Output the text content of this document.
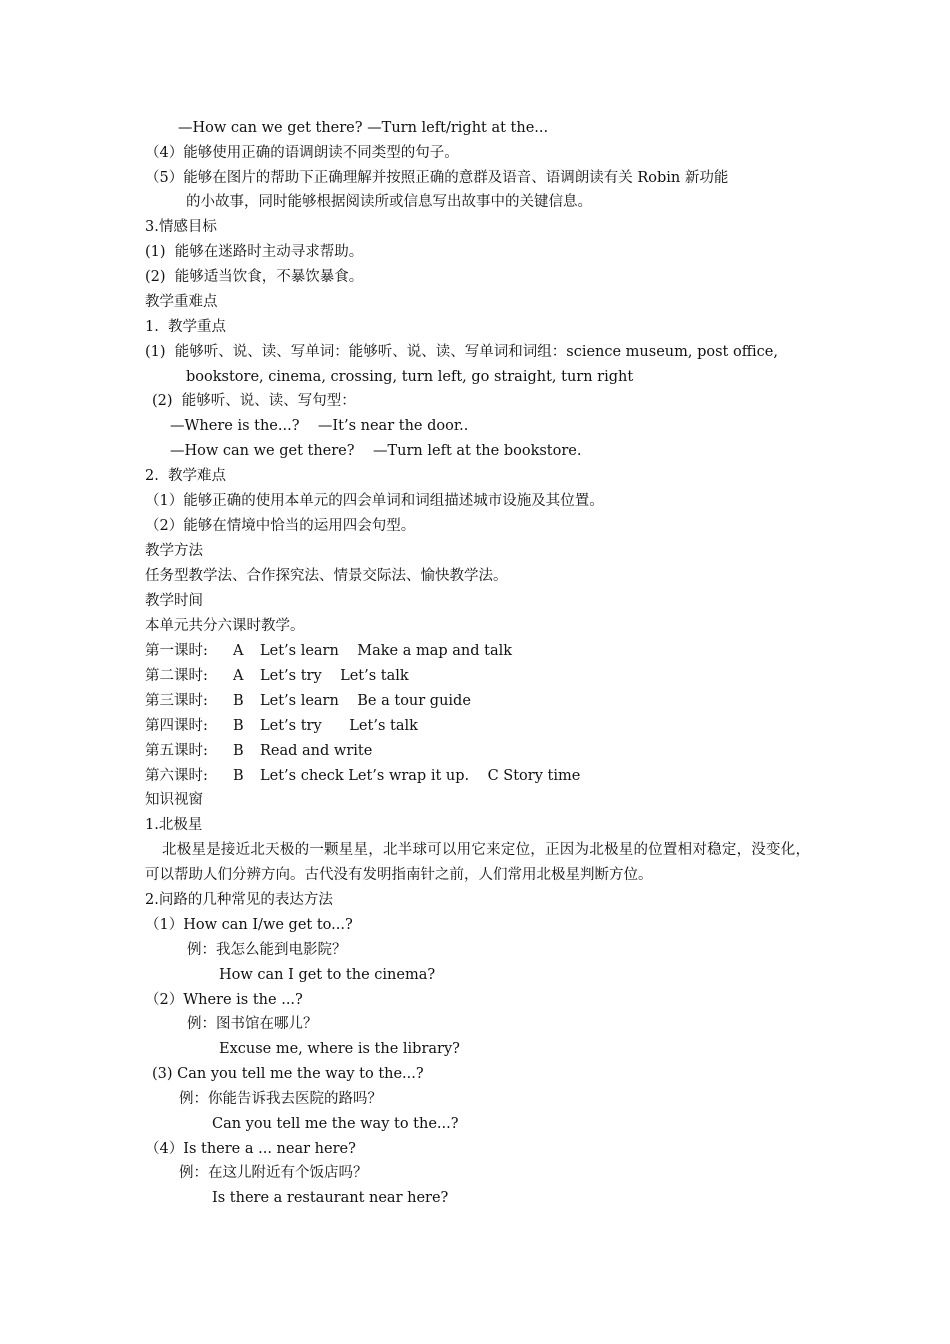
—How can we get there? —Turn left/right at the...
（4）能够使用正确的语调朗读不同类型的句子。
（5）能够在图片的帮助下正确理解并按照正确的意群及语音、语调朗读有关 Robin 新功能
的小故事，同时能够根据阅读所或信息写出故事中的关键信息。
3.情感目标
(1)  能够在迷路时主动寻求帮助。
(2)  能够适当饮食，不暴饮暴食。
教学重难点
1.  教学重点
(1)  能够听、说、读、写单词：能够听、说、读、写单词和词组：science museum, post office,
bookstore, cinema, crossing, turn left, go straight, turn right
(2)  能够听、说、读、写句型：
—Where is the...?    —It’s near the door..
—How can we get there?    —Turn left at the bookstore.
2.  教学难点
（1）能够正确的使用本单元的四会单词和词组描述城市设施及其位置。
（2）能够在情境中恰当的运用四会句型。
教学方法
任务型教学法、合作探究法、情景交际法、愉快教学法。
教学时间
本单元共分六课时教学。
第一课时: A Let’s learn    Make a map and talk
第二课时: A Let’s try    Let’s talk
第三课时: B Let’s learn    Be a tour guide
第四课时: B Let’s try      Let’s talk
第五课时: B Read and write
第六课时: B Let’s check Let’s wrap it up.    C Story time
知识视窗
1.北极星
北极星是接近北天极的一颗星星，北半球可以用它来定位，正因为北极星的位置相对稳定，没变化，可以帮助人们分辨方向。古代没有发明指南针之前，人们常用北极星判断方位。
2.问路的几种常见的表达方法
（1）How can I/we get to...?
例：我怎么能到电影院？
How can I get to the cinema?
（2）Where is the ...?
例：图书馆在哪儿？
Excuse me, where is the library?
(3) Can you tell me the way to the...?
例：你能告诉我去医院的路吗？
Can you tell me the way to the...?
（4）Is there a ... near here?
例：在这儿附近有个饭店吗？
Is there a restaurant near here?
